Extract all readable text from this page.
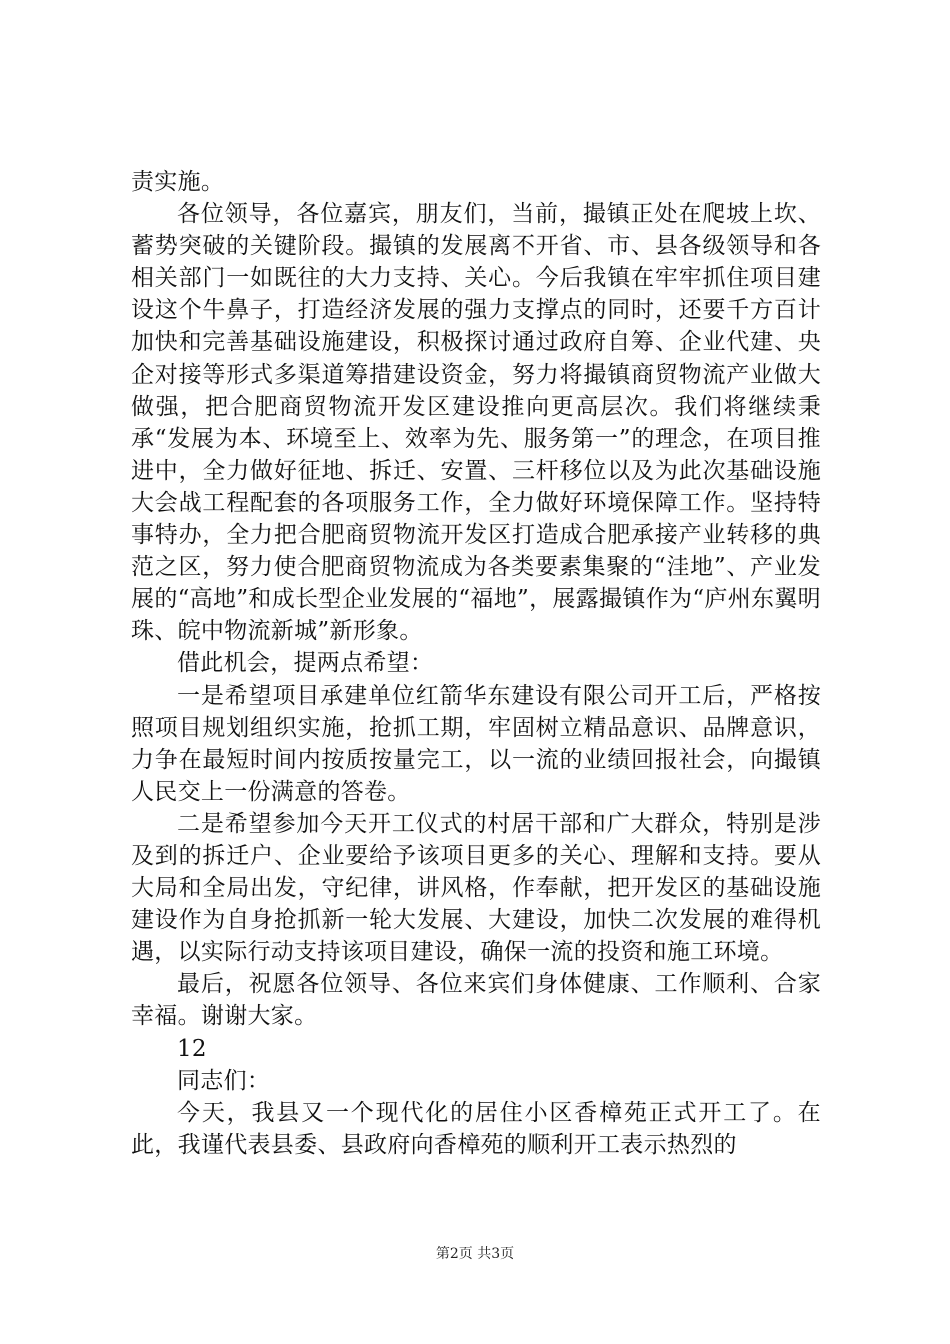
责实施。

各位领导，各位嘉宾，朋友们，当前，撮镇正处在爬坡上坎、蓄势突破的关键阶段。撮镇的发展离不开省、市、县各级领导和各相关部门一如既往的大力支持、关心。今后我镇在牢牢抓住项目建设这个牛鼻子，打造经济发展的强力支撑点的同时，还要千方百计加快和完善基础设施建设，积极探讨通过政府自筹、企业代建、央企对接等形式多渠道筹措建设资金，努力将撮镇商贸物流产业做大做强，把合肥商贸物流开发区建设推向更高层次。我们将继续秉承“发展为本、环境至上、效率为先、服务第一”的理念，在项目推进中，全力做好征地、拆迁、安置、三杆移位以及为此次基础设施大会战工程配套的各项服务工作，全力做好环境保障工作。坚持特事特办，全力把合肥商贸物流开发区打造成合肥承接产业转移的典范之区，努力使合肥商贸物流成为各类要素集聚的“洼地”、产业发展的“高地”和成长型企业发展的“福地”，展露撮镇作为“庐州东翼明珠、皖中物流新城”新形象。

借此机会，提两点希望：

一是希望项目承建单位红箭华东建设有限公司开工后，严格按照项目规划组织实施，抢抓工期，牢固树立精品意识、品牌意识，力争在最短时间内按质按量完工，以一流的业绩回报社会，向撮镇人民交上一份满意的答卷。

二是希望参加今天开工仪式的村居干部和广大群众，特别是涉及到的拆迁户、企业要给予该项目更多的关心、理解和支持。要从大局和全局出发，守纪律，讲风格，作奉献，把开发区的基础设施建设作为自身抢抓新一轮大发展、大建设，加快二次发展的难得机遇，以实际行动支持该项目建设，确保一流的投资和施工环境。

最后，祝愿各位领导、各位来宾们身体健康、工作顺利、合家幸福。谢谢大家。

12

同志们：

今天，我县又一个现代化的居住小区香樟苑正式开工了。在此，我谨代表县委、县政府向香樟苑的顺利开工表示热烈的

第2页 共3页
